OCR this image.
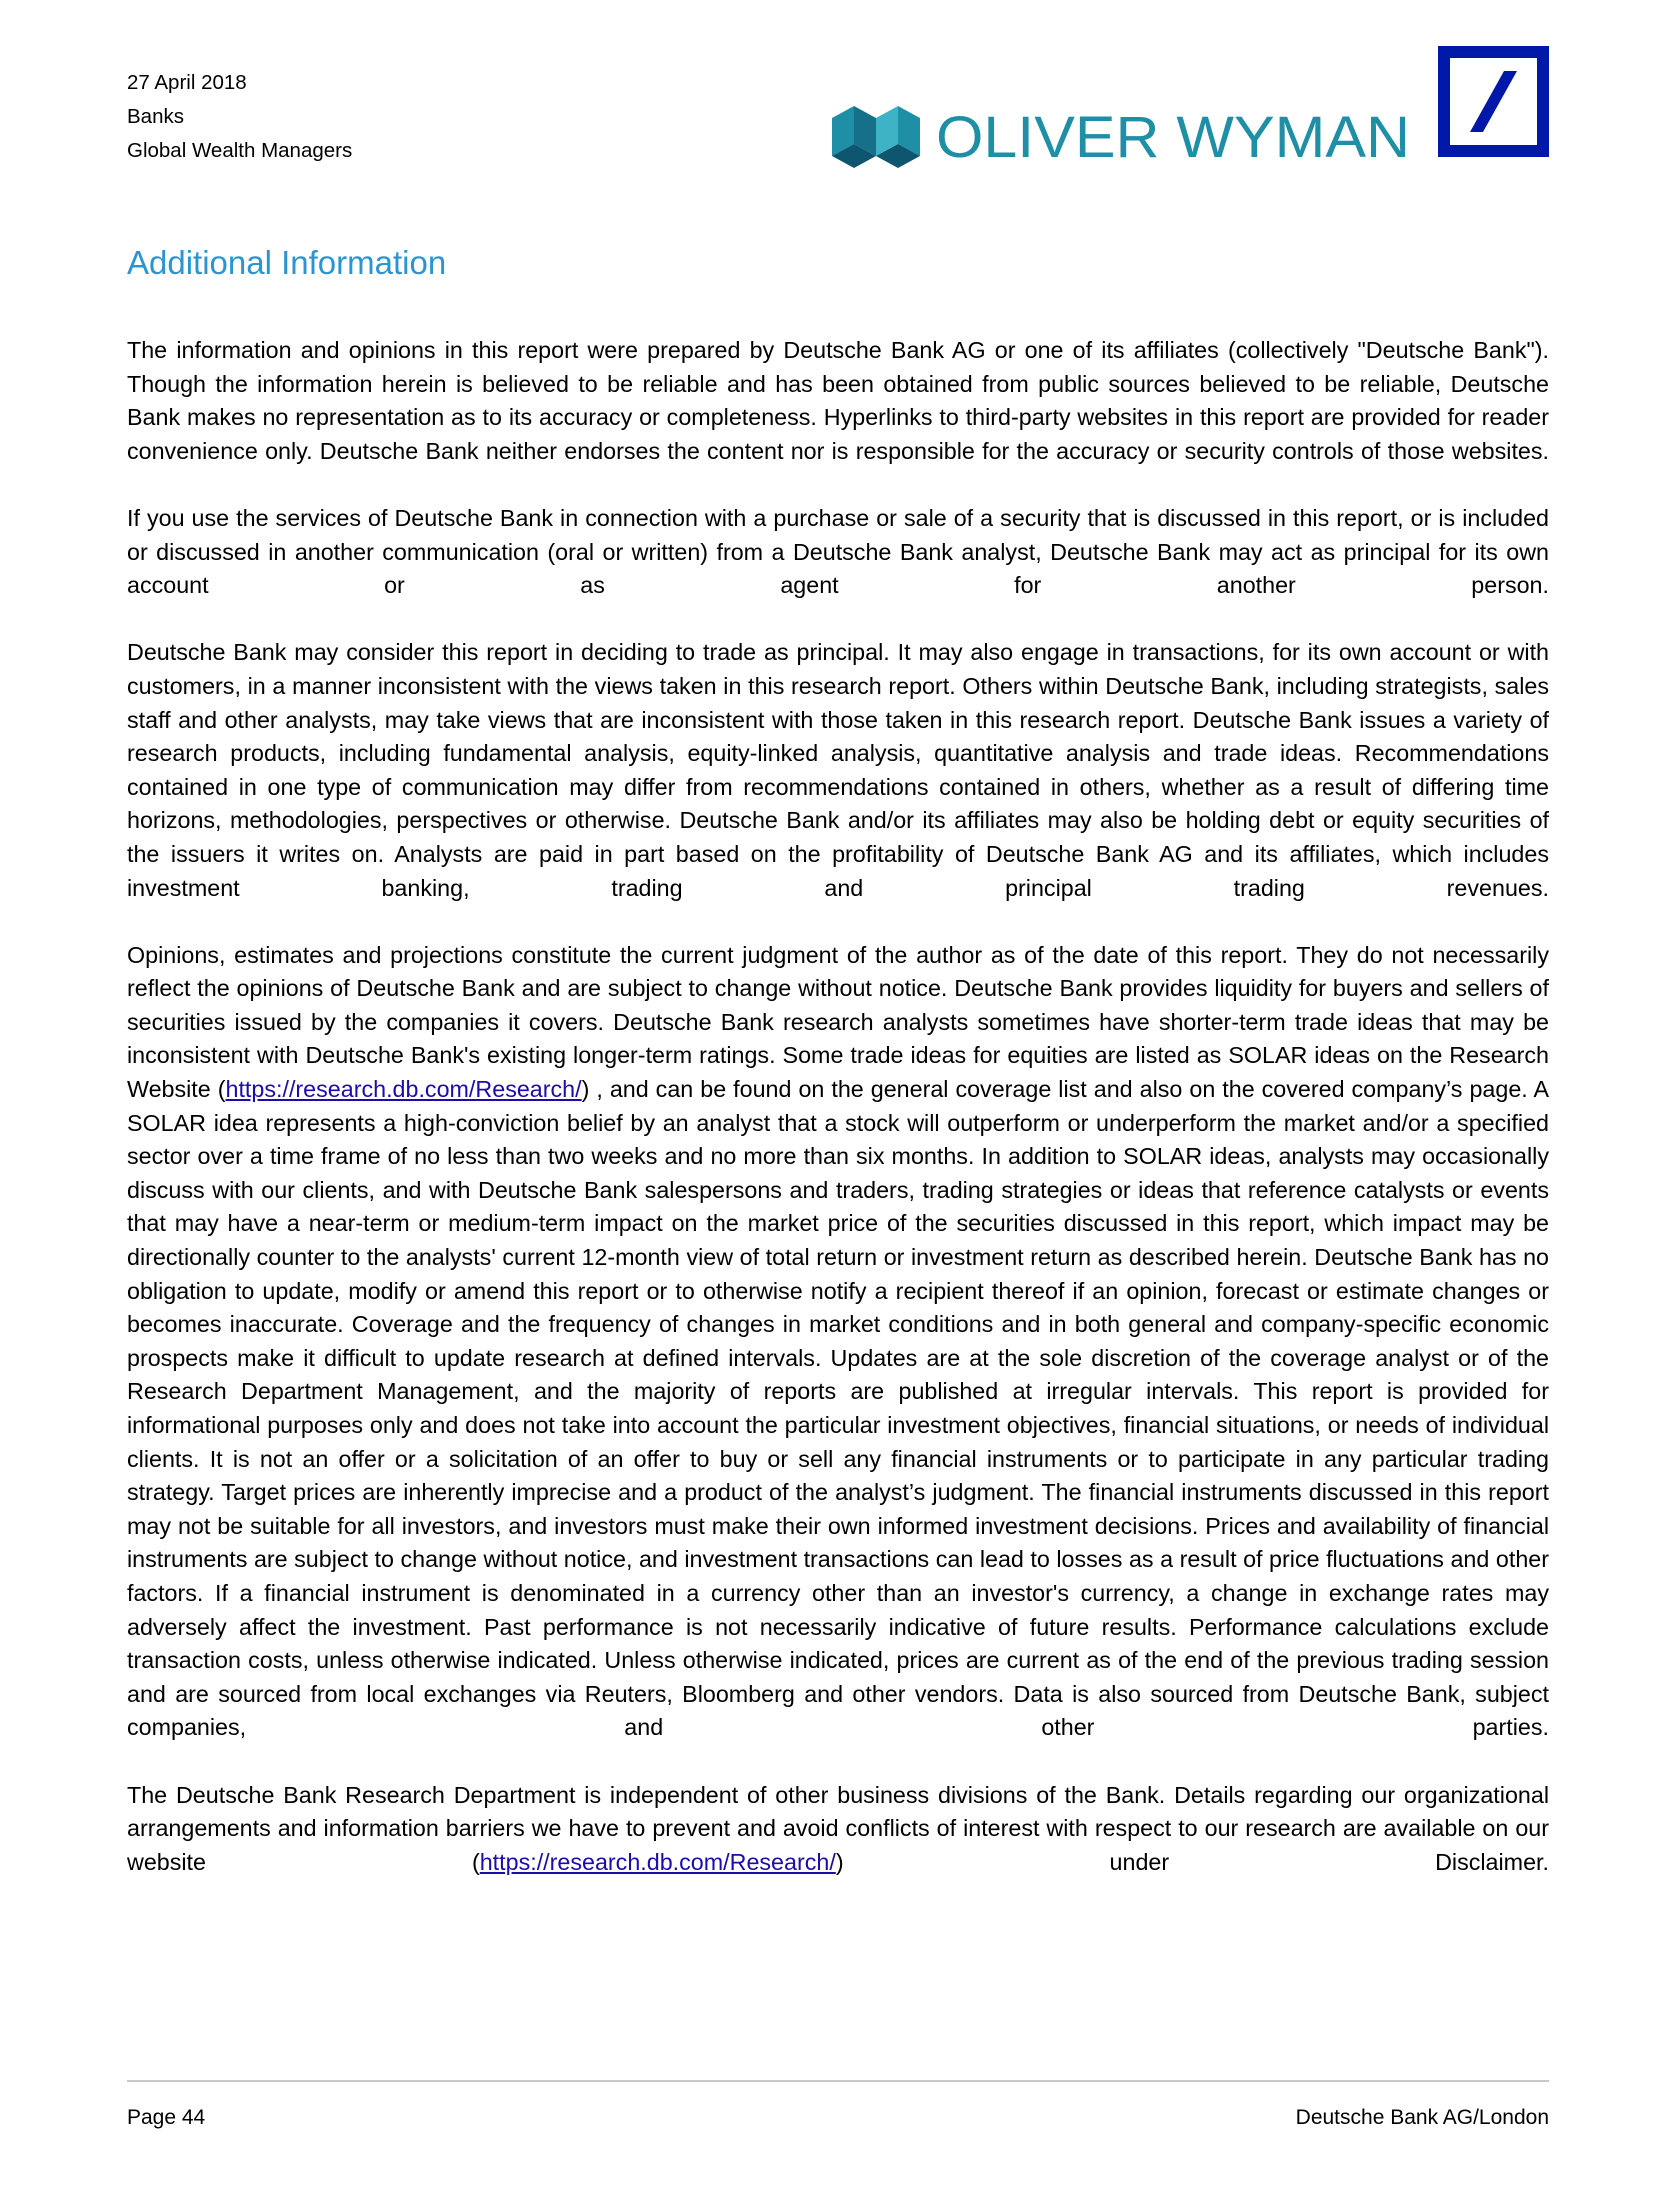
27 April 2018
Banks
Global Wealth Managers	OLIVER WYMAN
Additional Information

The information and opinions in this report were prepared by Deutsche Bank AG or one of its affiliates (collectively "Deutsche Bank"). Though the information herein is believed to be reliable and has been obtained from public sources believed to be reliable, Deutsche Bank makes no representation as to its accuracy or completeness. Hyperlinks to third-party websites in this report are provided for reader convenience only. Deutsche Bank neither endorses the content nor is responsible for the accuracy or security controls of those websites.

If you use the services of Deutsche Bank in connection with a purchase or sale of a security that is discussed in this report, or is included or discussed in another communication (oral or written) from a Deutsche Bank analyst, Deutsche Bank may act as principal for its own account or as agent for another person.

Deutsche Bank may consider this report in deciding to trade as principal. It may also engage in transactions, for its own account or with customers, in a manner inconsistent with the views taken in this research report. Others within Deutsche Bank, including strategists, sales staff and other analysts, may take views that are inconsistent with those taken in this research report. Deutsche Bank issues a variety of research products, including fundamental analysis, equity-linked analysis, quantitative analysis and trade ideas. Recommendations contained in one type of communication may differ from recommendations contained in others, whether as a result of differing time horizons, methodologies, perspectives or otherwise. Deutsche Bank and/or its affiliates may also be holding debt or equity securities of the issuers it writes on. Analysts are paid in part based on the profitability of Deutsche Bank AG and its affiliates, which includes investment banking, trading and principal trading revenues.

Opinions, estimates and projections constitute the current judgment of the author as of the date of this report. They do not necessarily reflect the opinions of Deutsche Bank and are subject to change without notice. Deutsche Bank provides liquidity for buyers and sellers of securities issued by the companies it covers. Deutsche Bank research analysts sometimes have shorter-term trade ideas that may be inconsistent with Deutsche Bank's existing longer-term ratings. Some trade ideas for equities are listed as SOLAR ideas on the Research Website (https://research.db.com/Research/) , and can be found on the general coverage list and also on the covered company’s page. A SOLAR idea represents a high-conviction belief by an analyst that a stock will outperform or underperform the market and/or a specified sector over a time frame of no less than two weeks and no more than six months. In addition to SOLAR ideas, analysts may occasionally discuss with our clients, and with Deutsche Bank salespersons and traders, trading strategies or ideas that reference catalysts or events that may have a near-term or medium-term impact on the market price of the securities discussed in this report, which impact may be directionally counter to the analysts' current 12-month view of total return or investment return as described herein. Deutsche Bank has no obligation to update, modify or amend this report or to otherwise notify a recipient thereof if an opinion, forecast or estimate changes or becomes inaccurate. Coverage and the frequency of changes in market conditions and in both general and company-specific economic prospects make it difficult to update research at defined intervals. Updates are at the sole discretion of the coverage analyst or of the Research Department Management, and the majority of reports are published at irregular intervals. This report is provided for informational purposes only and does not take into account the particular investment objectives, financial situations, or needs of individual clients. It is not an offer or a solicitation of an offer to buy or sell any financial instruments or to participate in any particular trading strategy. Target prices are inherently imprecise and a product of the analyst’s judgment. The financial instruments discussed in this report may not be suitable for all investors, and investors must make their own informed investment decisions. Prices and availability of financial instruments are subject to change without notice, and investment transactions can lead to losses as a result of price fluctuations and other factors. If a financial instrument is denominated in a currency other than an investor's currency, a change in exchange rates may adversely affect the investment. Past performance is not necessarily indicative of future results. Performance calculations exclude transaction costs, unless otherwise indicated. Unless otherwise indicated, prices are current as of the end of the previous trading session and are sourced from local exchanges via Reuters, Bloomberg and other vendors. Data is also sourced from Deutsche Bank, subject companies, and other parties.

The Deutsche Bank Research Department is independent of other business divisions of the Bank. Details regarding our organizational arrangements and information barriers we have to prevent and avoid conflicts of interest with respect to our research are available on our website (https://research.db.com/Research/) under Disclaimer.

Page 44	Deutsche Bank AG/London
